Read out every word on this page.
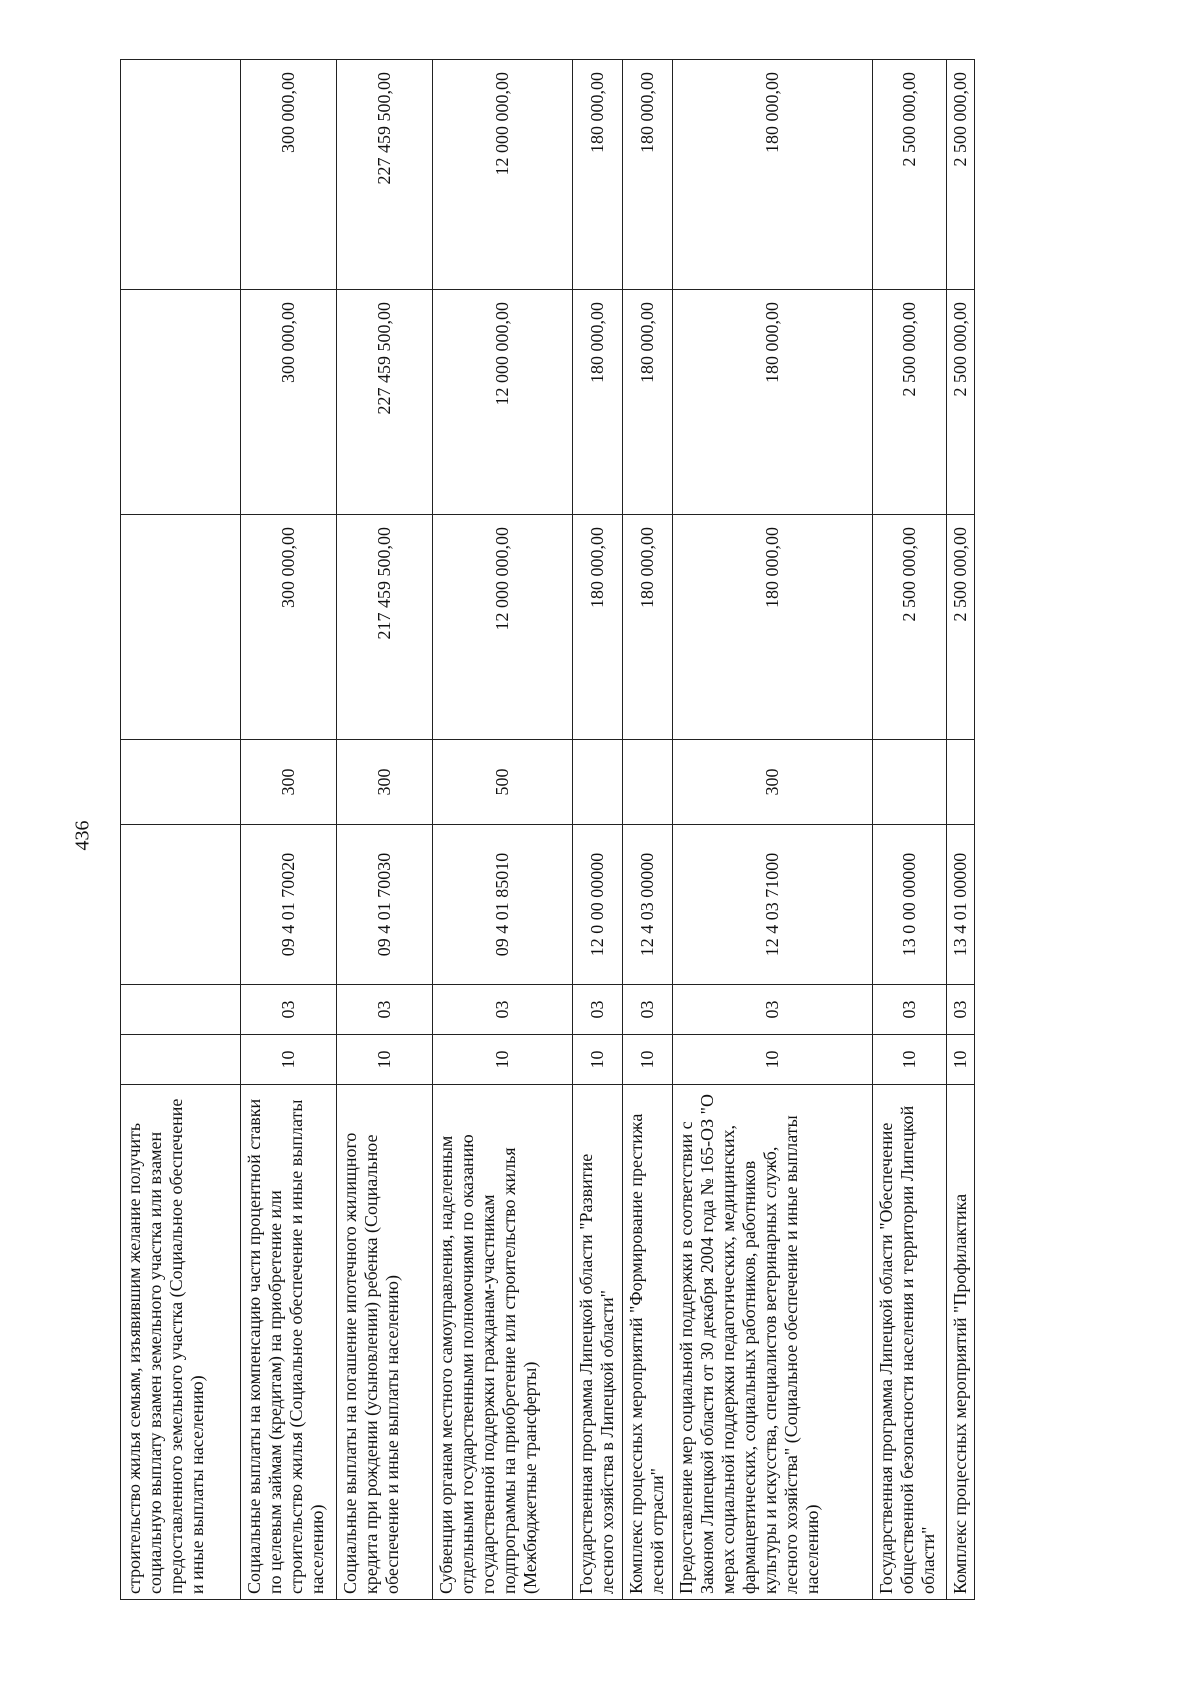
436
строительство жилья семьям, изъявившим желание получить социальную выплату взамен земельного участка или взамен предоставленного земельного участка (Социальное обеспечение и иные выплаты населению)							
Социальные выплаты на компенсацию части процентной ставки по целевым займам (кредитам) на приобретение или строительство жилья (Социальное обеспечение и иные выплаты населению)	10	03	09 4 01 70020	300	300 000,00	300 000,00	300 000,00
Социальные выплаты на погашение ипотечного жилищного кредита при рождении (усыновлении) ребенка (Социальное обеспечение и иные выплаты населению)	10	03	09 4 01 70030	300	217 459 500,00	227 459 500,00	227 459 500,00
Субвенции органам местного самоуправления, наделенным отдельными государственными полномочиями по оказанию государственной поддержки гражданам-участникам подпрограммы на приобретение или строительство жилья (Межбюджетные трансферты)	10	03	09 4 01 85010	500	12 000 000,00	12 000 000,00	12 000 000,00
Государственная программа Липецкой области "Развитие лесного хозяйства в Липецкой области"	10	03	12 0 00 00000		180 000,00	180 000,00	180 000,00
Комплекс процессных мероприятий "Формирование престижа лесной отрасли"	10	03	12 4 03 00000		180 000,00	180 000,00	180 000,00
Предоставление мер социальной поддержки в соответствии с Законом Липецкой области от 30 декабря 2004 года № 165-ОЗ "О мерах социальной поддержки педагогических, медицинских, фармацевтических, социальных работников, работников культуры и искусства, специалистов ветеринарных служб, лесного хозяйства" (Социальное обеспечение и иные выплаты населению)	10	03	12 4 03 71000	300	180 000,00	180 000,00	180 000,00
Государственная программа Липецкой области "Обеспечение общественной безопасности населения и территории Липецкой области"	10	03	13 0 00 00000		2 500 000,00	2 500 000,00	2 500 000,00
Комплекс процессных мероприятий "Профилактика	10	03	13 4 01 00000		2 500 000,00	2 500 000,00	2 500 000,00
